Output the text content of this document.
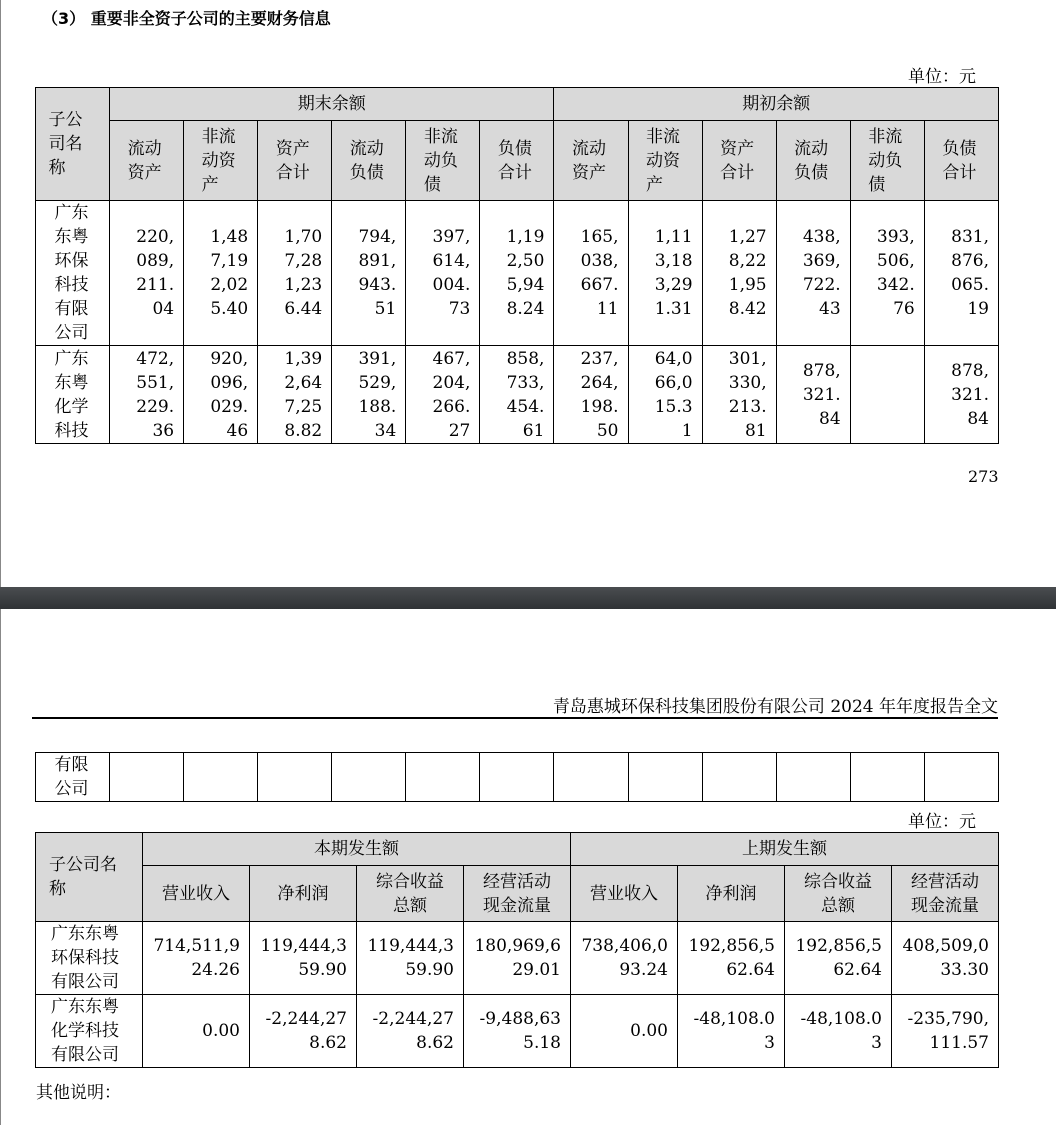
（3） 重要非全资子公司的主要财务信息
单位：元
子公司名称	期末余额						期初余额					
	流动资产	非流动资产	资产合计	流动负债	非流动负债	负债合计	流动资产	非流动资产	资产合计	流动负债	非流动负债	负债合计
广东东粤环保科技有限公司	220,089,211.04	1,487,192,025.40	1,707,281,236.44	794,891,943.51	397,614,004.73	1,192,505,948.24	165,038,667.11	1,113,183,291.31	1,278,221,958.42	438,369,722.43	393,506,342.76	831,876,065.19
广东东粤化学科技	472,551,229.36	920,096,029.46	1,392,647,258.82	391,529,188.34	467,204,266.27	858,733,454.61	237,264,198.50	64,066,015.31	301,330,213.81	878,321.84		878,321.84
273
青岛惠城环保科技集团股份有限公司 2024 年年度报告全文
有限公司												
单位：元
子公司名称	本期发生额				上期发生额			
	营业收入	净利润	综合收益总额	经营活动现金流量	营业收入	净利润	综合收益总额	经营活动现金流量
广东东粤环保科技有限公司	714,511,924.26	119,444,359.90	119,444,359.90	180,969,629.01	738,406,093.24	192,856,562.64	192,856,562.64	408,509,033.30
广东东粤化学科技有限公司	0.00	-2,244,278.62	-2,244,278.62	-9,488,635.18	0.00	-48,108.03	-48,108.03	-235,790,111.57
其他说明：
